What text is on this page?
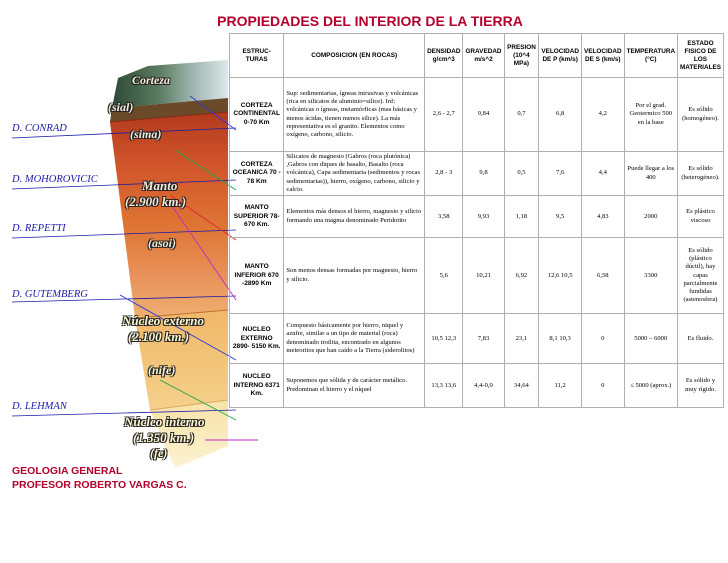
PROPIEDADES DEL INTERIOR DE LA TIERRA
Corteza
(sial)
(sima)
Manto
(2.900 km.)
(asoi)
Núcleo externo
(2.100 km.)
(nife)
Núcleo interno
(1.350 km.)
(fe)
D. CONRAD
D. MOHOROVICIC
D. REPETTI
D. GUTEMBERG
D. LEHMAN
GEOLOGIA GENERAL
PROFESOR ROBERTO VARGAS C.
ESTRUC-TURAS	COMPOSICION (EN ROCAS)	DENSIDAD g/cm^3	GRAVEDAD m/s^2	PRESION (10^4 MPa)	VELOCIDAD DE P (km/s)	VELOCIDAD DE S (km/s)	TEMPERATURA (°C)	ESTADO FISICO DE LOS MATERIALES
CORTEZA CONTINENTAL 0-70 Km	Sup: sedimentarias, ígneas intrusivas y volcánicas (rica en silicatos de aluminio=silice). Inf: volcánicas o ígneas, metamórficas (mas básicas y menos ácidas, tienen menos silice). La más representativa es el granito. Elementos como oxígeno, carbono, silicio.	2,6 - 2,7	9,84	0,7	6,8	4,2	Por el grad. Geotermico 500 en la base	Es sólido (homogéneo).
CORTEZA OCEANICA 70 - 78 Km	Silicatos de magnesio (Gabros (roca plutónica) ,Gabros con diques de basalto, Basalto (roca volcánica), Capa sedimentaria (sedimentos y rocas sedimentarias)), hierro, oxígeno, carbono, silicio y calcio.	2,8 - 3	9,8	0,5	7,6	4,4	Puede llegar a los 400	Es sólido (heterogéneo).
MANTO SUPERIOR 78- 670 Km.	Elementos más densos el hierro, magnesio y silicio formando una magma denominado Peridotito	3,58	9,93	1,18	9,5	4,83	2000	Es plástico viscoso
MANTO INFERIOR 670 -2890 Km	Son menos densas formadas por magnesio, hierro y silicio.	5,6	10,21	6,92	12,6 10,5	6,58	3300	Es sólido (plástico dúctil), hay capas parcialmente fundidas (astenosfera)
NUCLEO EXTERNO 2890- 5150 Km.	Compuesto básicamente por hierro, niquel y azufre, similar a un tipo de material (roca) denominado troilita, encontrado en algunos meteoritos que han caído a la Tierra (siderolitos)	10,5 12,3	7,83	23,1	8,1 10,3	0	5000 – 6000	Es fluido.
NUCLEO INTERNO 6371 Km.	Suponemos que sólida y de carácter metálico. Predominan el hierro y el níquel	13,3 13,6	4,4-0,0	34,64	11,2	0	≤ 5000 (aprox.)	Es sólido y muy rígido.
